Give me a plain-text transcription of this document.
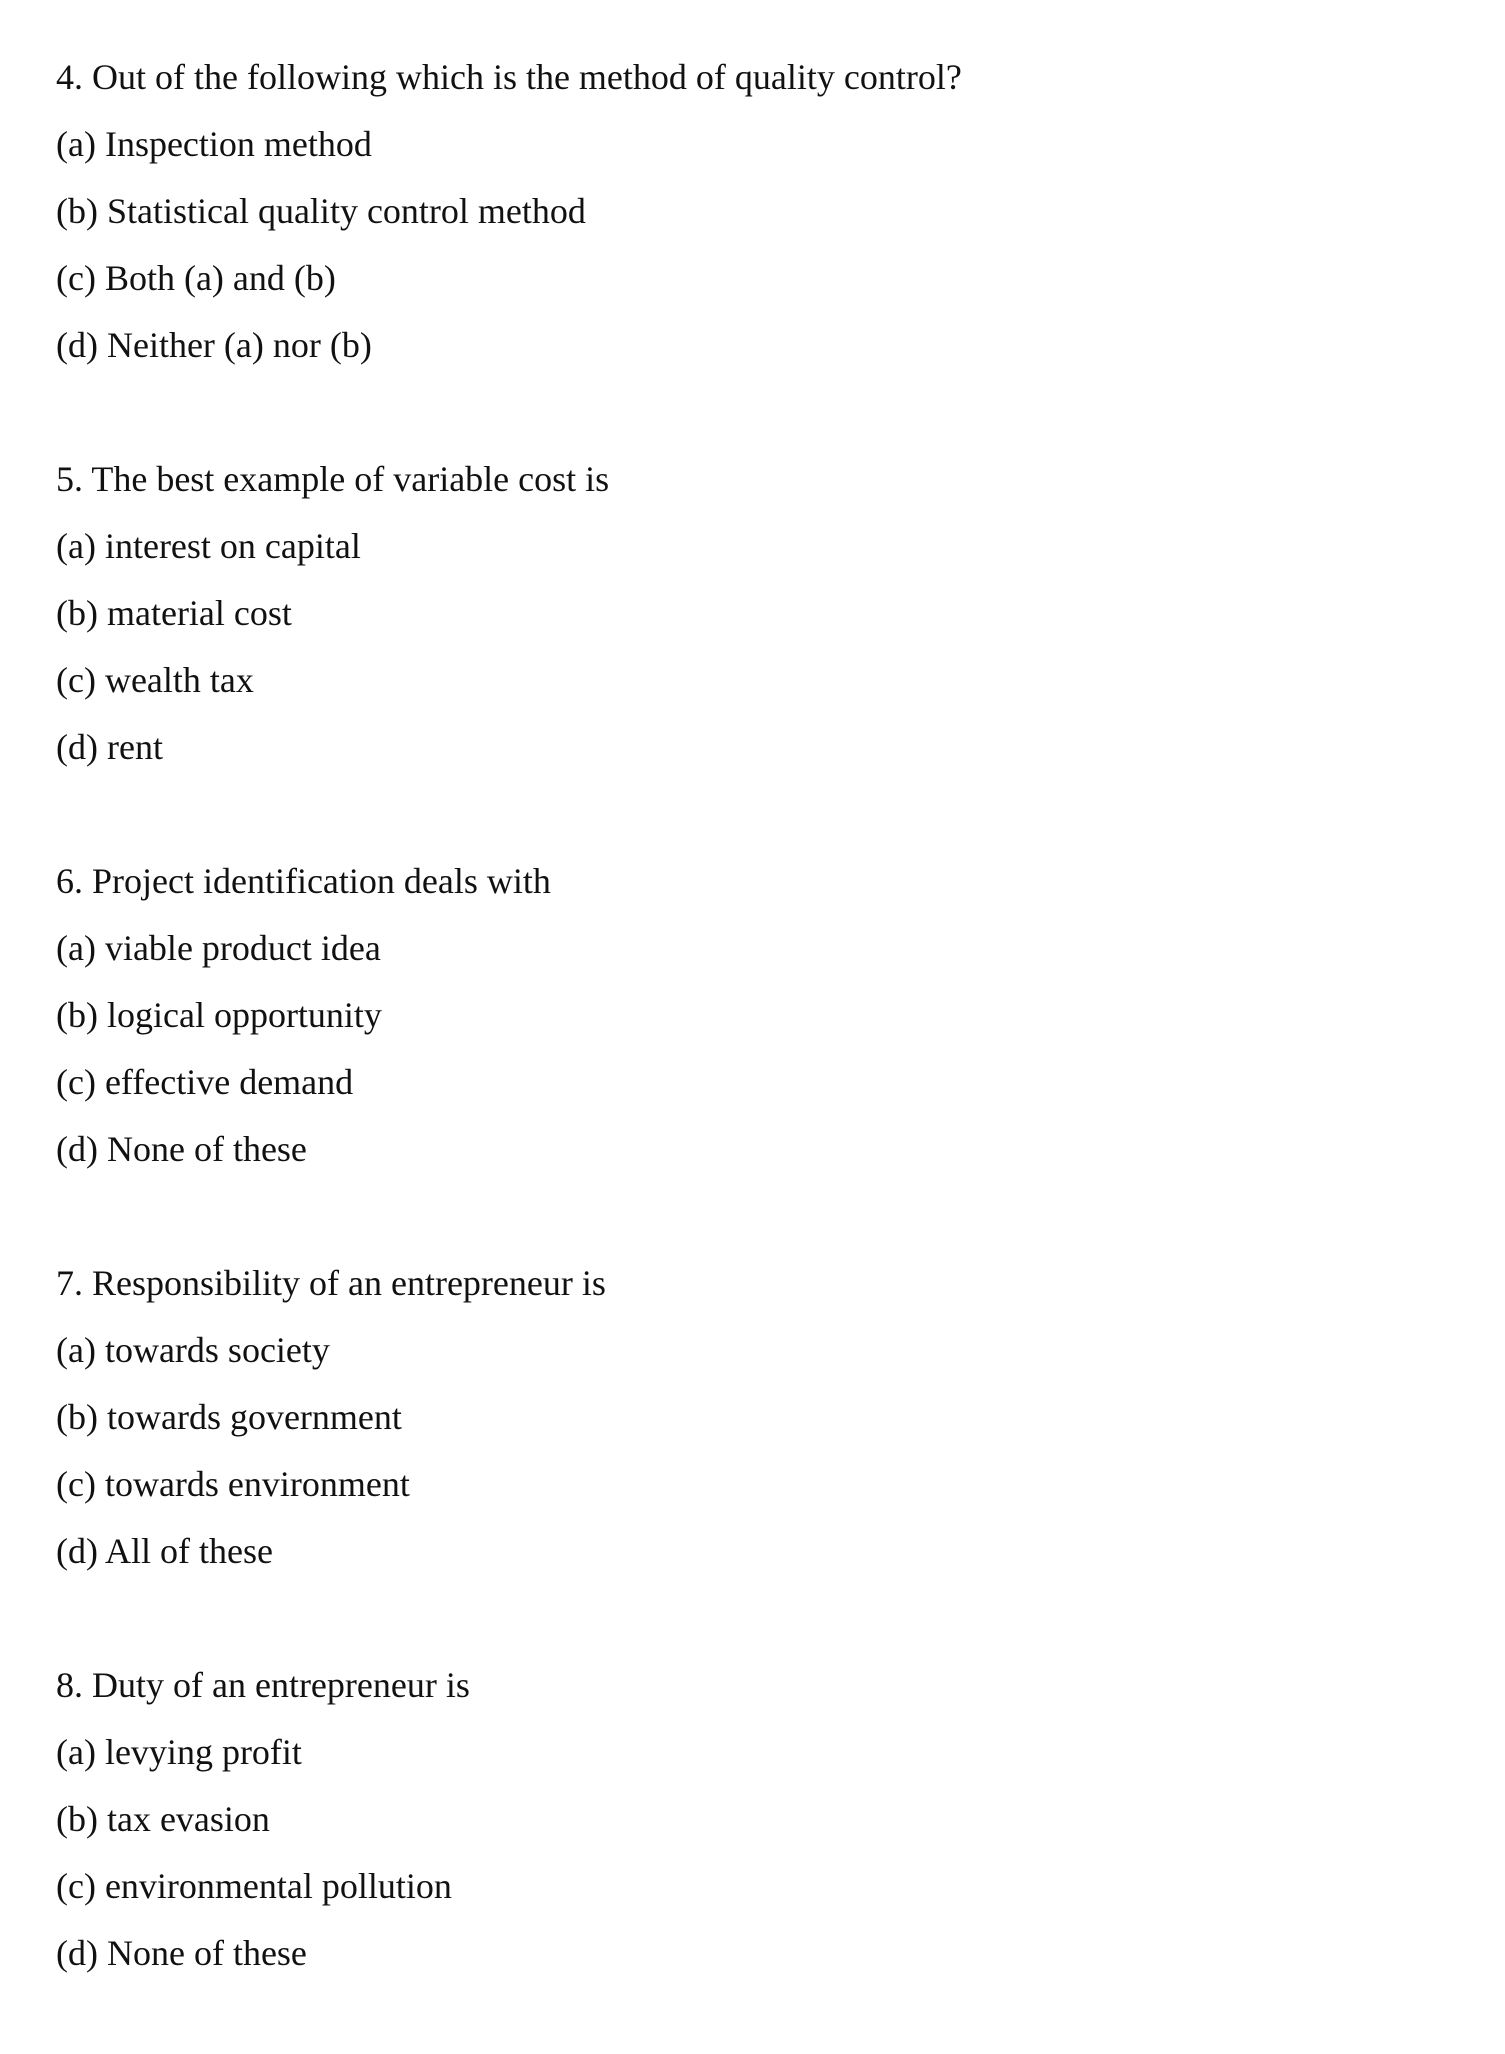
4. Out of the following which is the method of quality control?
(a) Inspection method
(b) Statistical quality control method
(c) Both (a) and (b)
(d) Neither (a) nor (b)
5. The best example of variable cost is
(a) interest on capital
(b) material cost
(c) wealth tax
(d) rent
6. Project identification deals with
(a) viable product idea
(b) logical opportunity
(c) effective demand
(d) None of these
7. Responsibility of an entrepreneur is
(a) towards society
(b) towards government
(c) towards environment
(d) All of these
8. Duty of an entrepreneur is
(a) levying profit
(b) tax evasion
(c) environmental pollution
(d) None of these
